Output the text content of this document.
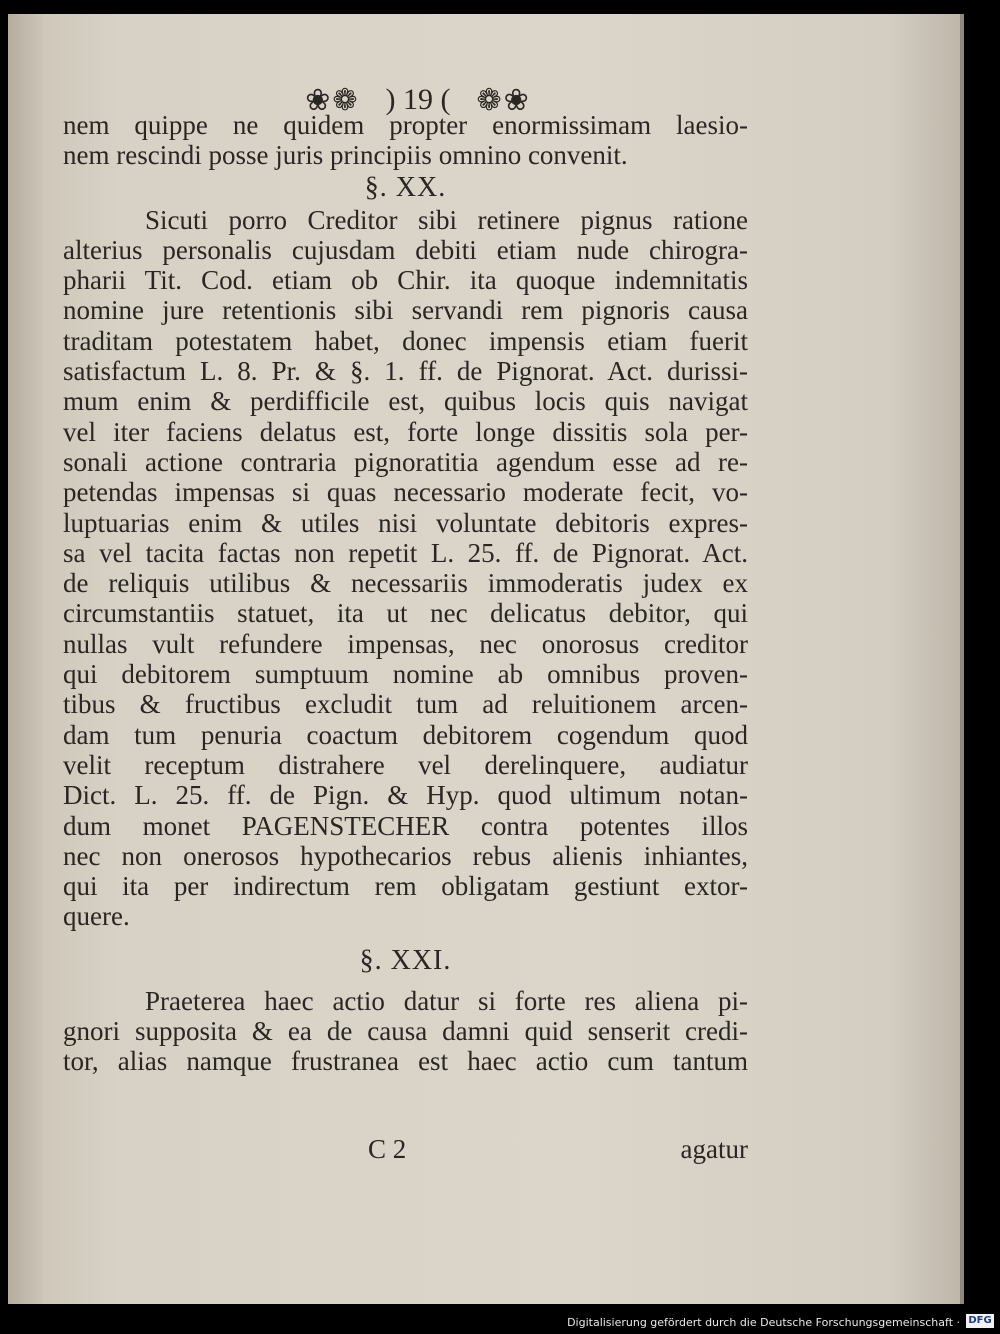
❀❁ ) 19 ( ❁❀
nem quippe ne quidem propter enormissimam laesio-
nem rescindi posse juris principiis omnino convenit.
§. XX.
Sicuti porro Creditor sibi retinere pignus ratione
alterius personalis cujusdam debiti etiam nude chirogra-
pharii Tit. Cod. etiam ob Chir. ita quoque indemnitatis
nomine jure retentionis sibi servandi rem pignoris causa
traditam potestatem habet, donec impensis etiam fuerit
satisfactum L. 8. Pr. & §. 1. ff. de Pignorat. Act. durissi-
mum enim & perdifficile est, quibus locis quis navigat
vel iter faciens delatus est, forte longe dissitis sola per-
sonali actione contraria pignoratitia agendum esse ad re-
petendas impensas si quas necessario moderate fecit, vo-
luptuarias enim & utiles nisi voluntate debitoris expres-
sa vel tacita factas non repetit L. 25. ff. de Pignorat. Act.
de reliquis utilibus & necessariis immoderatis judex ex
circumstantiis statuet, ita ut nec delicatus debitor, qui
nullas vult refundere impensas, nec onorosus creditor
qui debitorem sumptuum nomine ab omnibus proven-
tibus & fructibus excludit tum ad reluitionem arcen-
dam tum penuria coactum debitorem cogendum quod
velit receptum distrahere vel derelinquere, audiatur
Dict. L. 25. ff. de Pign. & Hyp. quod ultimum notan-
dum monet PAGENSTECHER contra potentes illos
nec non onerosos hypothecarios rebus alienis inhiantes,
qui ita per indirectum rem obligatam gestiunt extor-
quere.
§. XXI.
Praeterea haec actio datur si forte res aliena pi-
gnori supposita & ea de causa damni quid senserit credi-
tor, alias namque frustranea est haec actio cum tantum
C 2	agatur
Digitalisierung gefördert durch die Deutsche Forschungsgemeinschaft · DFG
